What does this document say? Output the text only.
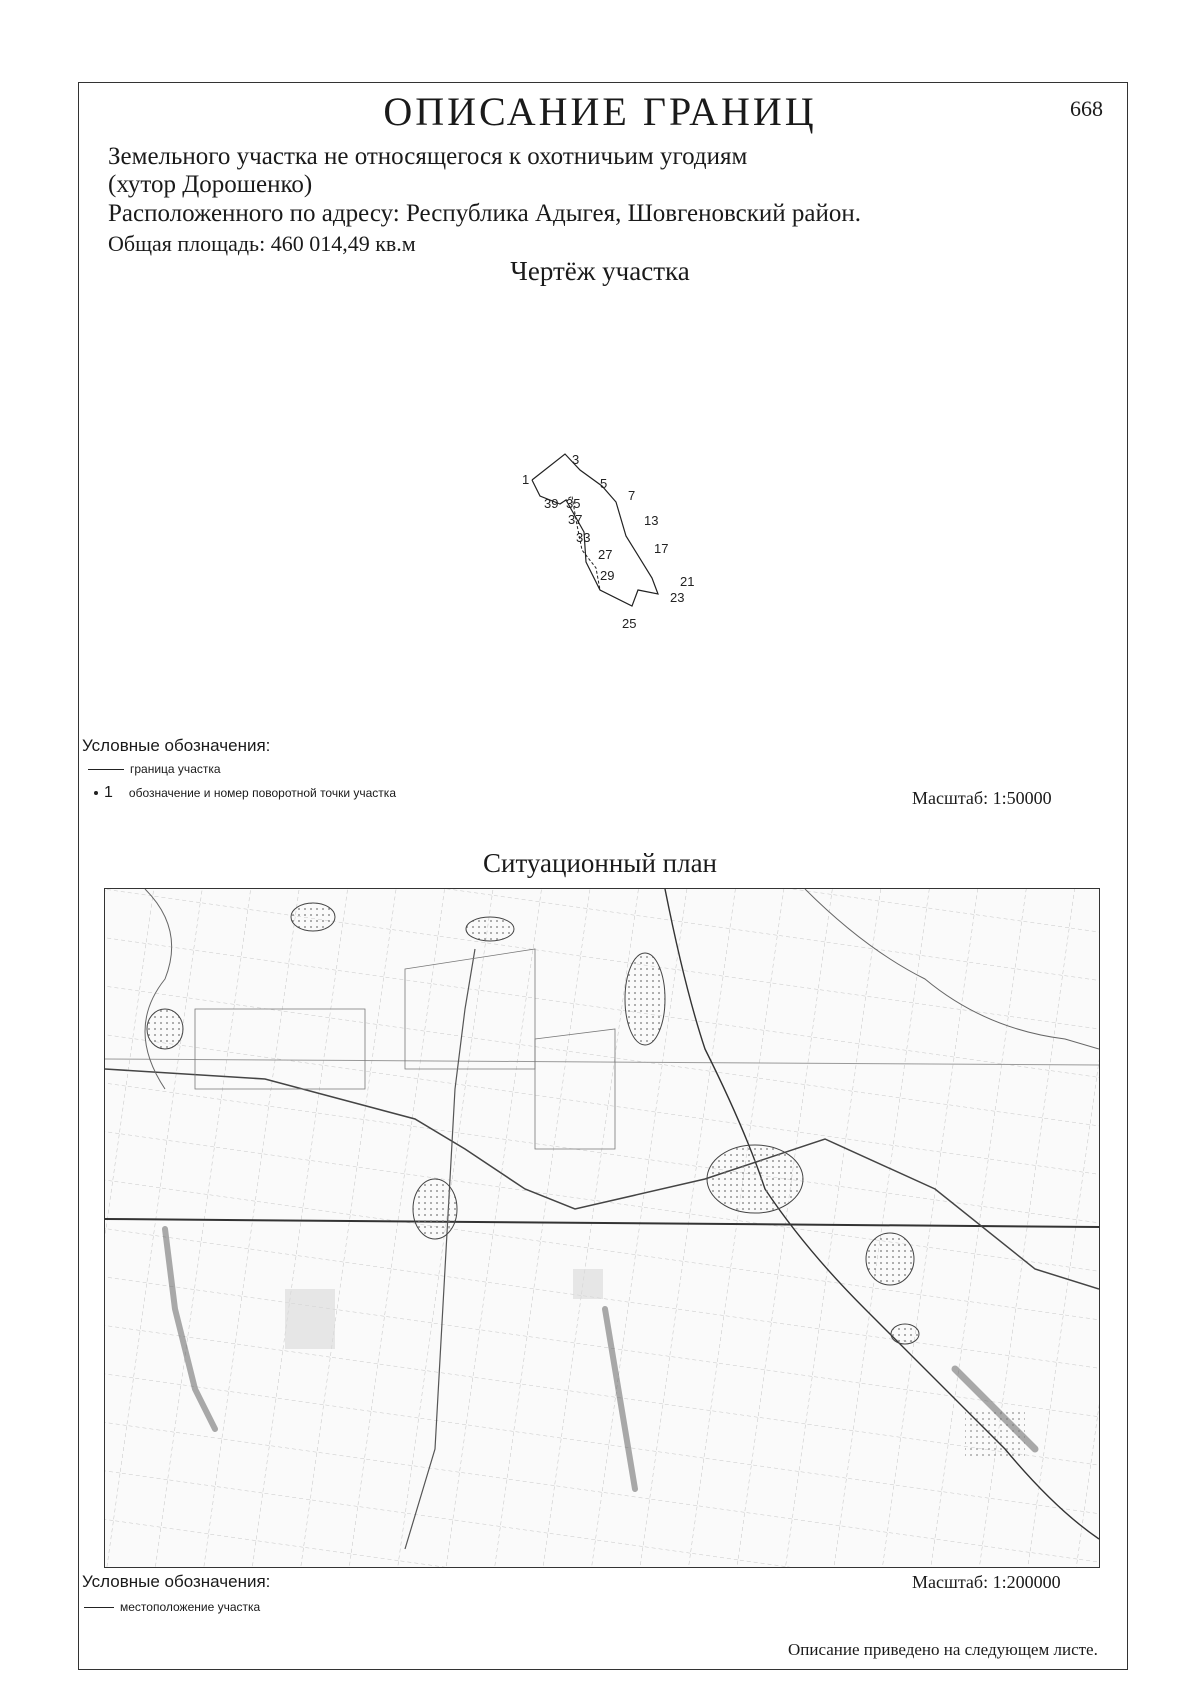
ОПИСАНИЕ ГРАНИЦ	668
Земельного участка не относящегося к охотничьим угодиям
(хутор Дорошенко)
Расположенного по адресу: Республика Адыгея, Шовгеновский район.
Общая площадь: 460 014,49 кв.м
Чертёж участка
1
3
5
7
13
17
21
23
25
27
29
33
35
37
39
Условные обозначения:
граница участка
1 обозначение и номер поворотной точки участка	Масштаб: 1:50000
Ситуационный план
Условные обозначения:
местоположение участка
Масштаб: 1:200000
Описание приведено на следующем листе.
